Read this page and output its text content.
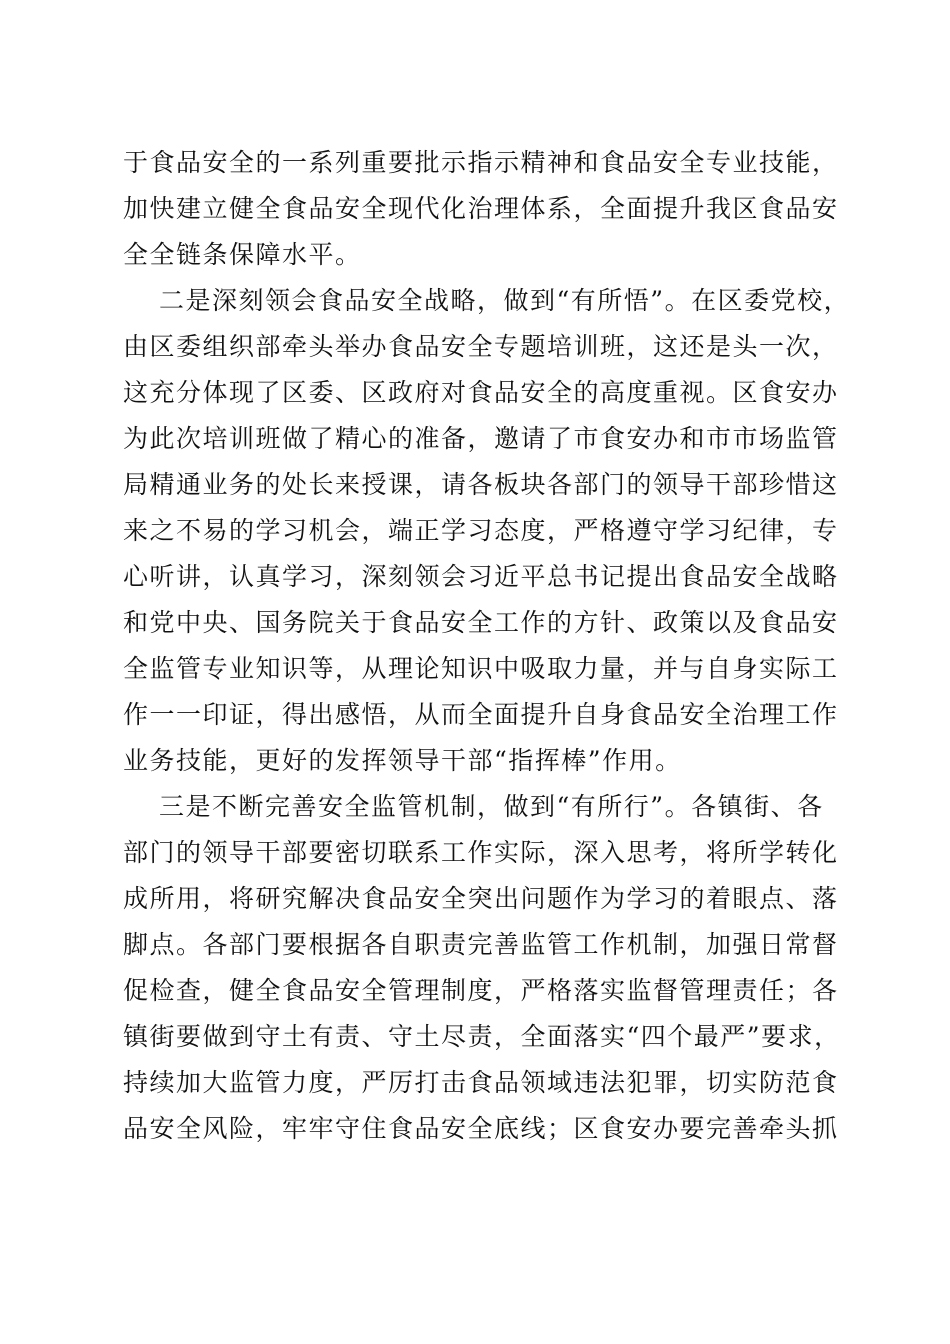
于食品安全的一系列重要批示指示精神和食品安全专业技能，
加快建立健全食品安全现代化治理体系，全面提升我区食品安
全全链条保障水平。
二是深刻领会食品安全战略，做到“有所悟”。在区委党校，
由区委组织部牵头举办食品安全专题培训班，这还是头一次，
这充分体现了区委、区政府对食品安全的高度重视。区食安办
为此次培训班做了精心的准备，邀请了市食安办和市市场监管
局精通业务的处长来授课，请各板块各部门的领导干部珍惜这
来之不易的学习机会，端正学习态度，严格遵守学习纪律，专
心听讲，认真学习，深刻领会习近平总书记提出食品安全战略
和党中央、国务院关于食品安全工作的方针、政策以及食品安
全监管专业知识等，从理论知识中吸取力量，并与自身实际工
作一一印证，得出感悟，从而全面提升自身食品安全治理工作
业务技能，更好的发挥领导干部“指挥棒”作用。
三是不断完善安全监管机制，做到“有所行”。各镇街、各
部门的领导干部要密切联系工作实际，深入思考，将所学转化
成所用，将研究解决食品安全突出问题作为学习的着眼点、落
脚点。各部门要根据各自职责完善监管工作机制，加强日常督
促检查，健全食品安全管理制度，严格落实监督管理责任；各
镇街要做到守土有责、守土尽责，全面落实“四个最严”要求，
持续加大监管力度，严厉打击食品领域违法犯罪，切实防范食
品安全风险，牢牢守住食品安全底线；区食安办要完善牵头抓
